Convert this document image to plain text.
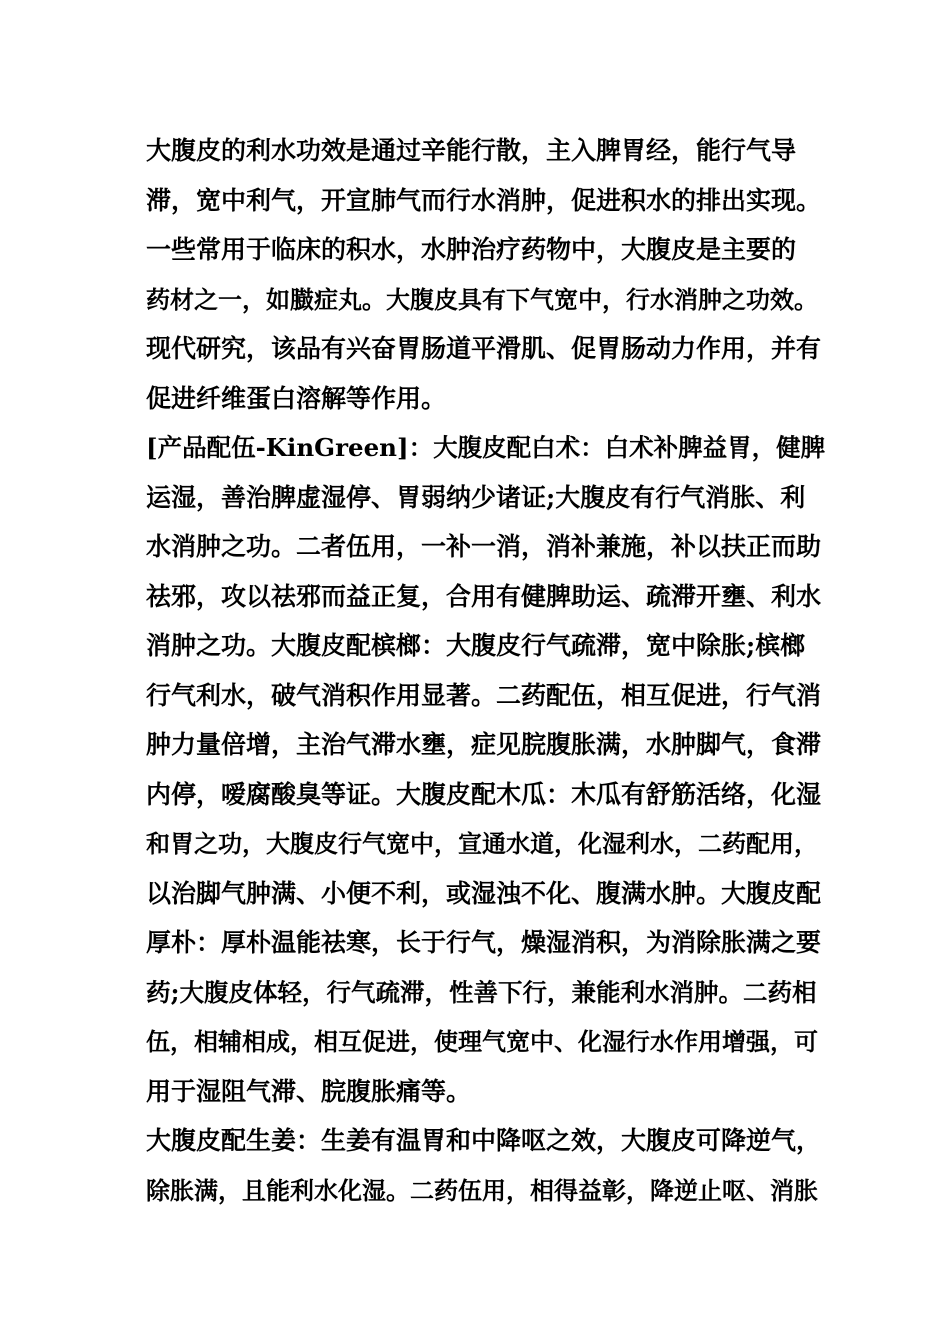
大腹皮的利水功效是通过辛能行散，主入脾胃经，能行气导
滞，宽中利气，开宣肺气而行水消肿，促进积水的排出实现。
一些常用于临床的积水，水肿治疗药物中，大腹皮是主要的
药材之一，如臌症丸。大腹皮具有下气宽中，行水消肿之功效。
现代研究，该品有兴奋胃肠道平滑肌、促胃肠动力作用，并有
促进纤维蛋白溶解等作用。
[产品配伍-KinGreen]：大腹皮配白术：白术补脾益胃，健脾
运湿，善治脾虚湿停、胃弱纳少诸证;大腹皮有行气消胀、利
水消肿之功。二者伍用，一补一消，消补兼施，补以扶正而助
祛邪，攻以祛邪而益正复，合用有健脾助运、疏滞开壅、利水
消肿之功。大腹皮配槟榔：大腹皮行气疏滞，宽中除胀;槟榔
行气利水，破气消积作用显著。二药配伍，相互促进，行气消
肿力量倍增，主治气滞水壅，症见脘腹胀满，水肿脚气，食滞
内停，嗳腐酸臭等证。大腹皮配木瓜：木瓜有舒筋活络，化湿
和胃之功，大腹皮行气宽中，宣通水道，化湿利水，二药配用，
以治脚气肿满、小便不利，或湿浊不化、腹满水肿。大腹皮配
厚朴：厚朴温能祛寒，长于行气，燥湿消积，为消除胀满之要
药;大腹皮体轻，行气疏滞，性善下行，兼能利水消肿。二药相
伍，相辅相成，相互促进，使理气宽中、化湿行水作用增强，可
用于湿阻气滞、脘腹胀痛等。
大腹皮配生姜：生姜有温胃和中降呕之效，大腹皮可降逆气，
除胀满，且能利水化湿。二药伍用，相得益彰，降逆止呕、消胀
